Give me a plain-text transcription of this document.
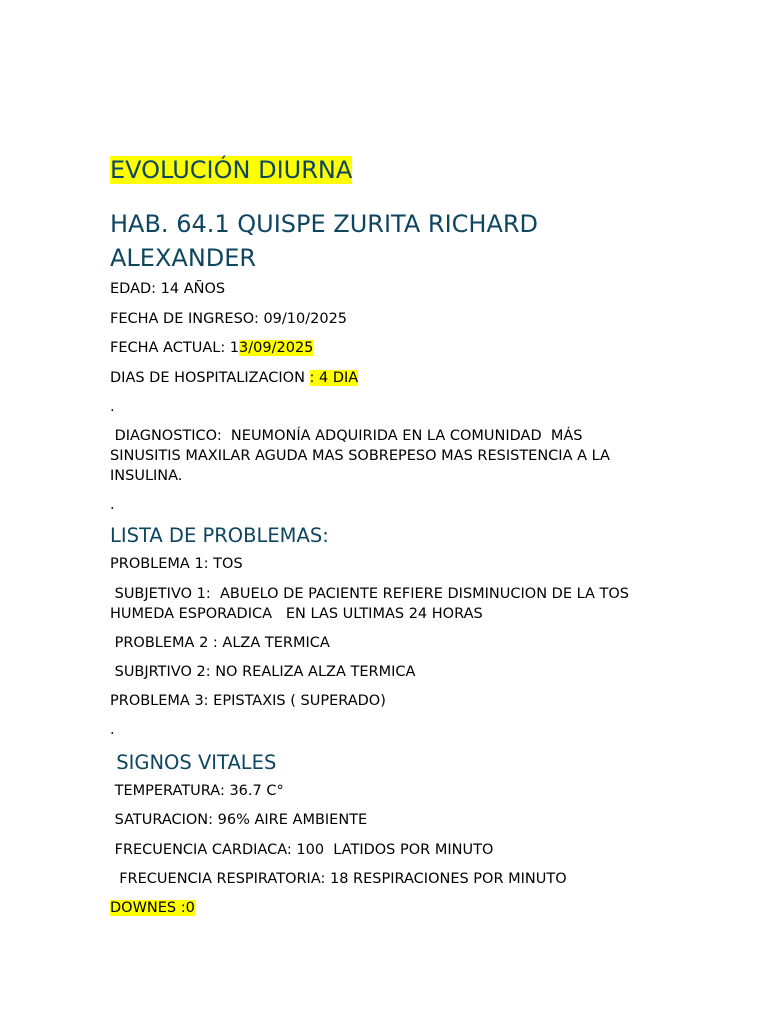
EVOLUCIÓN DIURNA
HAB. 64.1 QUISPE ZURITA RICHARD ALEXANDER
EDAD: 14 AÑOS
FECHA DE INGRESO: 09/10/2025
FECHA ACTUAL: 13/09/2025
DIAS DE HOSPITALIZACION : 4 DIA
.
DIAGNOSTICO:  NEUMONÍA ADQUIRIDA EN LA COMUNIDAD  MÁS SINUSITIS MAXILAR AGUDA MAS SOBREPESO MAS RESISTENCIA A LA INSULINA.
.
LISTA DE PROBLEMAS:
PROBLEMA 1: TOS
SUBJETIVO 1:  ABUELO DE PACIENTE REFIERE DISMINUCION DE LA TOS HUMEDA ESPORADICA   EN LAS ULTIMAS 24 HORAS
PROBLEMA 2 : ALZA TERMICA
SUBJRTIVO 2: NO REALIZA ALZA TERMICA
PROBLEMA 3: EPISTAXIS ( SUPERADO)
.
SIGNOS VITALES
TEMPERATURA: 36.7 C°
SATURACION: 96% AIRE AMBIENTE
FRECUENCIA CARDIACA: 100  LATIDOS POR MINUTO
FRECUENCIA RESPIRATORIA: 18 RESPIRACIONES POR MINUTO
DOWNES :0
